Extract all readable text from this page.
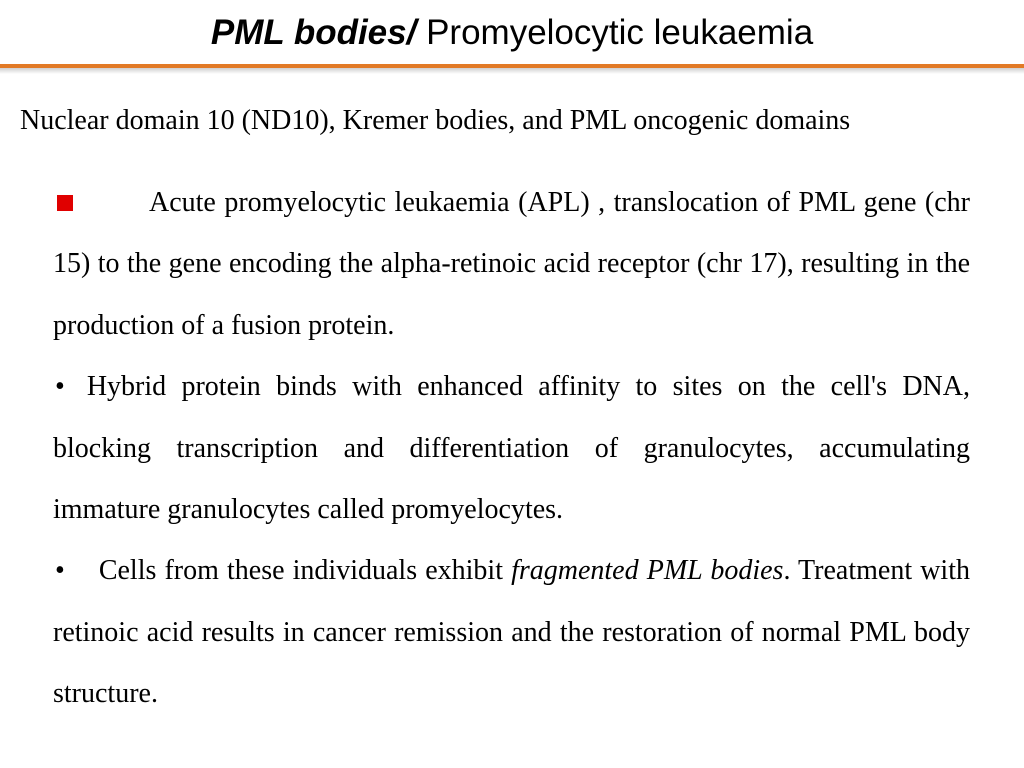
PML bodies/ Promyelocytic leukaemia
Nuclear domain 10 (ND10), Kremer bodies, and PML oncogenic domains

Acute promyelocytic leukaemia (APL) , translocation of PML gene (chr 15) to the gene encoding the alpha-retinoic acid receptor (chr 17), resulting in the production of a fusion protein.

• Hybrid protein binds with enhanced affinity to sites on the cell's DNA, blocking transcription and differentiation of granulocytes, accumulating immature granulocytes called promyelocytes.

• Cells from these individuals exhibit fragmented PML bodies. Treatment with retinoic acid results in cancer remission and the restoration of normal PML body structure.
